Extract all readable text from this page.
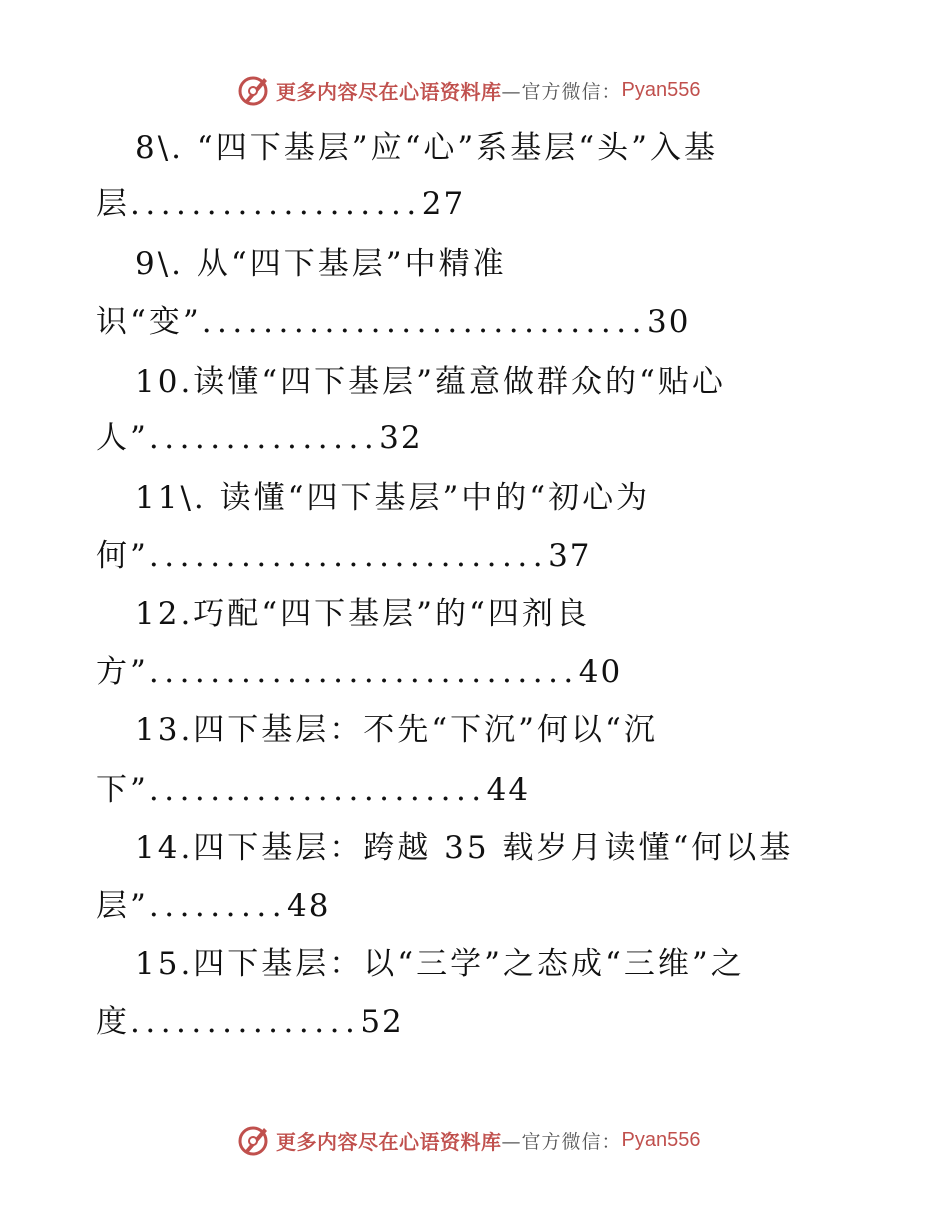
更多内容尽在心语资料库 —官方微信： Pyan556
8\. “四下基层”应“心”系基层“头”入基
层...................27
9\. 从“四下基层”中精准
识“变”.............................30
10.读懂“四下基层”蕴意做群众的“贴心
人”...............32
11\. 读懂“四下基层”中的“初心为
何”..........................37
12.巧配“四下基层”的“四剂良
方”............................40
13.四下基层：不先“下沉”何以“沉
下”......................44
14.四下基层：跨越 35 载岁月读懂“何以基
层”.........48
15.四下基层：以“三学”之态成“三维”之
度...............52
更多内容尽在心语资料库 —官方微信： Pyan556
